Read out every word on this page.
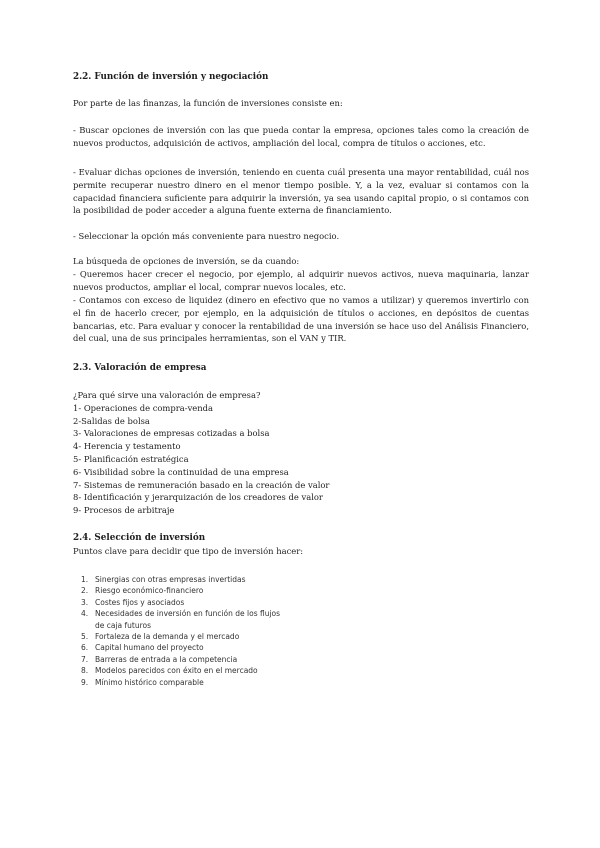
2.2. Función de inversión y negociación

Por parte de las finanzas, la función de inversiones consiste en:

- Buscar opciones de inversión con las que pueda contar la empresa, opciones tales como la creación de nuevos productos, adquisición de activos, ampliación del local, compra de títulos o acciones, etc.

- Evaluar dichas opciones de inversión, teniendo en cuenta cuál presenta una mayor rentabilidad, cuál nos permite recuperar nuestro dinero en el menor tiempo posible. Y, a la vez, evaluar si contamos con la capacidad financiera suficiente para adquirir la inversión, ya sea usando capital propio, o si contamos con la posibilidad de poder acceder a alguna fuente externa de financiamiento.

- Seleccionar la opción más conveniente para nuestro negocio.

La búsqueda de opciones de inversión, se da cuando:

- Queremos hacer crecer el negocio, por ejemplo, al adquirir nuevos activos, nueva maquinaria, lanzar nuevos productos, ampliar el local, comprar nuevos locales, etc.

- Contamos con exceso de liquidez (dinero en efectivo que no vamos a utilizar) y queremos invertirlo con el fin de hacerlo crecer, por ejemplo, en la adquisición de títulos o acciones, en depósitos de cuentas bancarias, etc. Para evaluar y conocer la rentabilidad de una inversión se hace uso del Análisis Financiero, del cual, una de sus principales herramientas, son el VAN y TIR.

2.3. Valoración de empresa
¿Para qué sirve una valoración de empresa?
1- Operaciones de compra-venda
2-Salidas de bolsa
3- Valoraciones de empresas cotizadas a bolsa
4- Herencia y testamento
5- Planificación estratégica
6- Visibilidad sobre la continuidad de una empresa
7- Sistemas de remuneración basado en la creación de valor
8- Identificación y jerarquización de los creadores de valor
9- Procesos de arbitraje
2.4. Selección de inversión

Puntos clave para decidir que tipo de inversión hacer:

1. Sinergias con otras empresas invertidas
2. Riesgo económico-financiero
3. Costes fijos y asociados
4. Necesidades de inversión en función de los flujos de caja futuros
5. Fortaleza de la demanda y el mercado
6. Capital humano del proyecto
7. Barreras de entrada a la competencia
8. Modelos parecidos con éxito en el mercado
9. Mínimo histórico comparable
